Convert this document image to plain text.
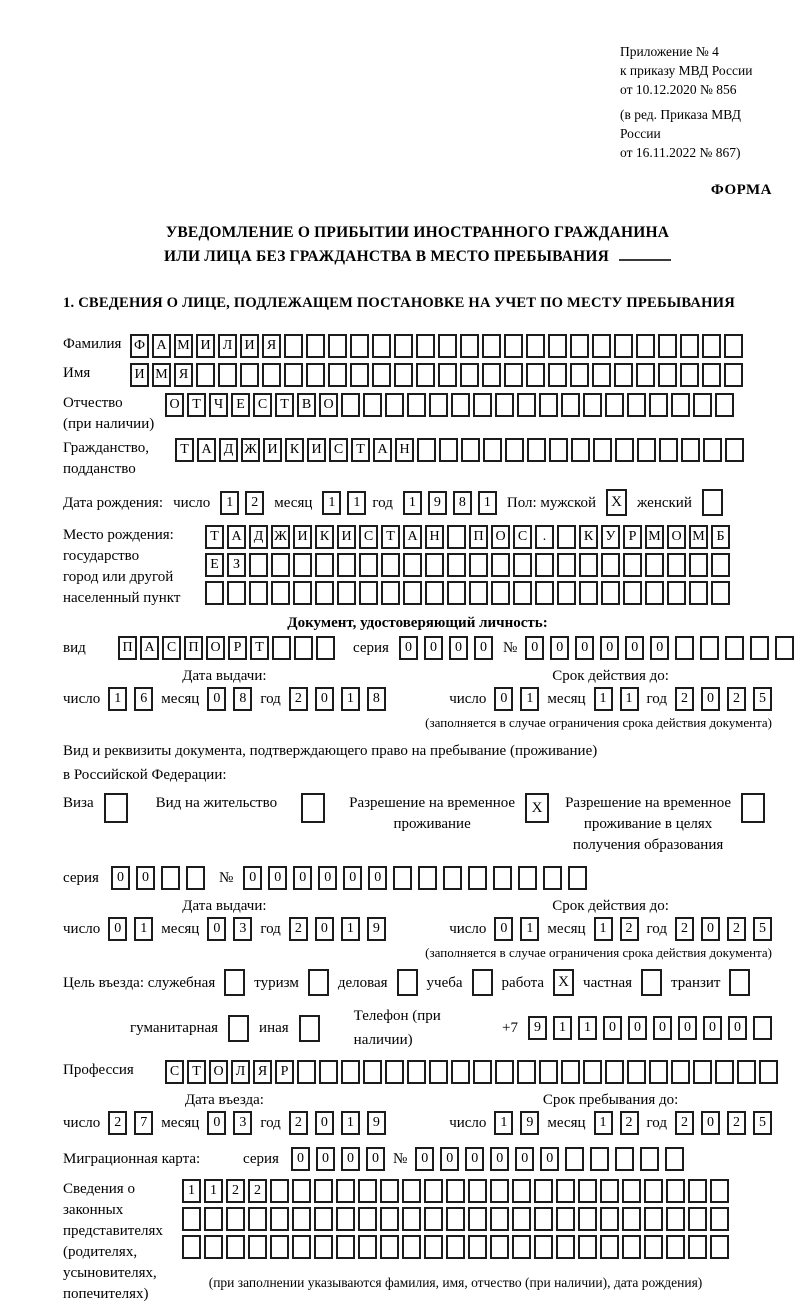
Приложение № 4
к приказу МВД России
от 10.12.2020 № 856
(в ред. Приказа МВД России
от 16.11.2022 № 867)
ФОРМА
УВЕДОМЛЕНИЕ О ПРИБЫТИИ ИНОСТРАННОГО ГРАЖДАНИНА
ИЛИ ЛИЦА БЕЗ ГРАЖДАНСТВА В МЕСТО ПРЕБЫВАНИЯ
1. СВЕДЕНИЯ О ЛИЦЕ, ПОДЛЕЖАЩЕМ ПОСТАНОВКЕ НА УЧЕТ ПО МЕСТУ ПРЕБЫВАНИЯ
Фамилия Ф А М И Л И Я
Имя	И М Я
Отчество
(при наличии)
О Т Ч Е С Т В О
Гражданство,
подданство
Т А Д Ж И К И С Т А Н
Дата рождения: число	1	2	месяц	1	1 год	1	9	8	1	Пол: мужской	X	женский
Место рождения:
государство
город или другой
населенный пункт
Т А Д Ж И К И С Т А Н	П О С	.	К У Р М О М Б
Е	З
Документ, удостоверяющий личность:
вид	П А С П О Р Т	серия	0	0	0	0	№	0	0	0	0	0	0
Дата выдачи:
число	1	6 месяц	0	8 год	2	0	1	8
Срок действия до:
число	0	1 месяц	1	1 год	2	0	2	5
(заполняется в случае ограничения срока действия документа)
Вид и реквизиты документа, подтверждающего право на пребывание (проживание)
в Российской Федерации:
Виза	Вид на жительство	Разрешение на временное
проживание
X	Разрешение на временное
проживание в целях
получения образования
серия	0	0	№	0	0	0	0	0	0
Дата выдачи:
число	0	1 месяц	0	3 год	2	0	1	9
Срок действия до:
число	0	1 месяц	1	2 год	2	0	2	5
(заполняется в случае ограничения срока действия документа)
Цель въезда: служебная	туризм	деловая	учеба	работа X частная	транзит
гуманитарная	иная
Телефон (при наличии)
+7	9	1	1	0	0	0	0	0	0
Профессия	С Т О Л Я Р
Дата въезда:
число	2	7 месяц	0	3 год	2	0	1	9
Срок пребывания до:
число	1	9 месяц	1	2 год	2	0	2	5
Миграционная карта:	серия	0	0	0	0 №	0	0	0	0	0	0
Сведения о
законных
представителях
(родителях,
усыновителях,
попечителях)
1	1	2	2
(при заполнении указываются фамилия, имя, отчество (при наличии), дата рождения)
